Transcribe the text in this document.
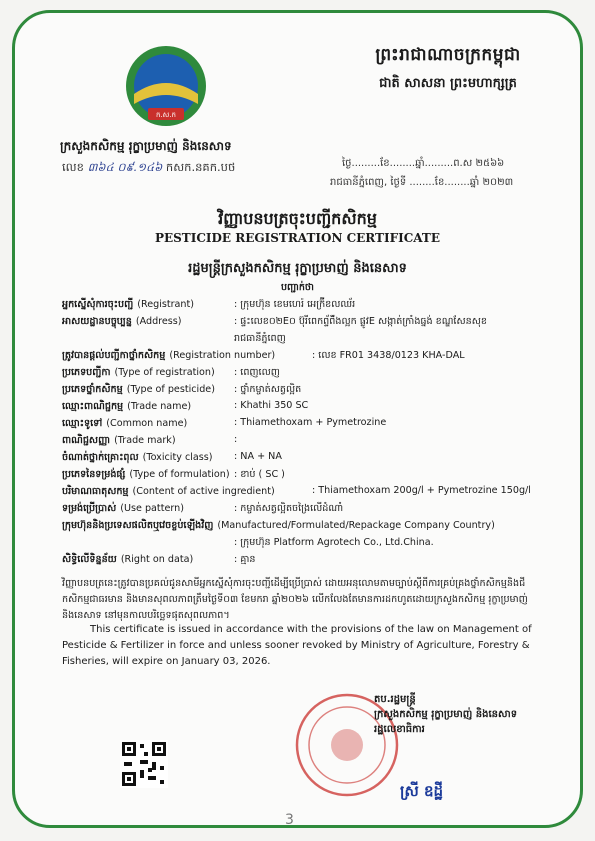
ក.ស.ក
ព្រះរាជាណាចក្រកម្ពុជា
ជាតិ សាសនា ព្រះមហាក្សត្រ
ក្រសួងកសិកម្ម រុក្ខាប្រមាញ់ និងនេសាទ
លេខ ៣៦៤ ០៩.១៤៦ កសក.នគក.បថ	ថ្ងៃ.........ខែ........ឆ្នាំ.........ព.ស ២៥៦៦
រាជធានីភ្នំពេញ, ថ្ងៃទី ........ខែ........ឆ្នាំ ២០២៣
វិញ្ញាបនបត្រចុះបញ្ជីកសិកម្ម
PESTICIDE REGISTRATION CERTIFICATE
រដ្ឋមន្ត្រីក្រសួងកសិកម្ម រុក្ខាប្រមាញ់ និងនេសាទ
បញ្ជាក់ថា
អ្នកស្នើសុំការចុះបញ្ជី (Registrant)	: ក្រុមហ៊ុន ខេមហេរ៉ អេក្រ៊ីខលឈ័រ
អាសយដ្ឋានបច្ចុប្បន្ន (Address)	: ផ្ទះលេខ០២E០ ប៊ុរីពេកព្ទ័ព៌ីងល្អក ផ្លូវE សង្កាត់ក្រាំងធ្នង់ ខណ្ឌសែនសុខ
រាជធានីភ្នំពេញ
ត្រូវបានផ្តល់បញ្ជីកាថ្នាំកសិកម្ម (Registration number)	: លេខ FR01 3438/0123 KHA-DAL
ប្រភេទបញ្ជីកា (Type of registration) : ពេញលេញ
ប្រភេទថ្នាំកសិកម្ម (Type of pesticide) : ថ្នាំកម្ចាត់សត្វល្អិត
ឈ្មោះពាណិជ្ជកម្ម (Trade name)	: Khathi 350 SC
ឈ្មោះទូទៅ (Common name)	: Thiamethoxam + Pymetrozine
ពាណិជ្ជសញ្ញា (Trade mark)	:
ចំណាត់ថ្នាក់គ្រោះពុល (Toxicity class) : NA + NA
ប្រភេទនៃទម្រង់ផ្សំ (Type of formulation) : ខាប់ ( SC )
បរិមាណធាតុសកម្ម (Content of active ingredient)	: Thiamethoxam 200g/l + Pymetrozine 150g/l
ទម្រង់ប្រើប្រាស់ (Use pattern)	: កម្ចាត់សត្វល្អិតចង្រៃលើដំណាំ
ក្រុមហ៊ុននិងប្រទេសផលិតឬវេចខ្ចប់ឡើងវិញ (Manufactured/Formulated/Repackage Company Country)
: ក្រុមហ៊ុន Platform Agrotech Co., Ltd.China.
សិទ្ធិលើទិន្នន័យ (Right on data)	: គ្មាន
វិញ្ញាបនបត្រនេះត្រូវបានប្រគល់ជូនសាមីអ្នកស្នើសុំការចុះបញ្ជីដើម្បីប្រើប្រាស់ ដោយអនុលោមតាមច្បាប់ស្តីពីការគ្រប់គ្រងថ្នាំកសិកម្មនិងជីកសិកម្មជាធរមាន និងមានសុពលភាពត្រឹមថ្ងៃទី០៣ ខែមករា ឆ្នាំ២០២៦ លើកលែងតែមានការដកហូតដោយក្រសួងកសិកម្ម រុក្ខាប្រមាញ់ និងនេសាទ នៅមុនកាលបរិច្ឆេទផុតសុពលភាព។
This certificate is issued in accordance with the provisions of the law on Management of Pesticide & Fertilizer in force and unless sooner revoked by Ministry of Agriculture, Forestry & Fisheries, will expire on January 03, 2026.
តប.រដ្ឋមន្ត្រី
ក្រសួងកសិកម្ម រុក្ខាប្រមាញ់ និងនេសាទ
រដ្ឋលេខាធិការ
ស្រី ឧដ្ឋី
3
